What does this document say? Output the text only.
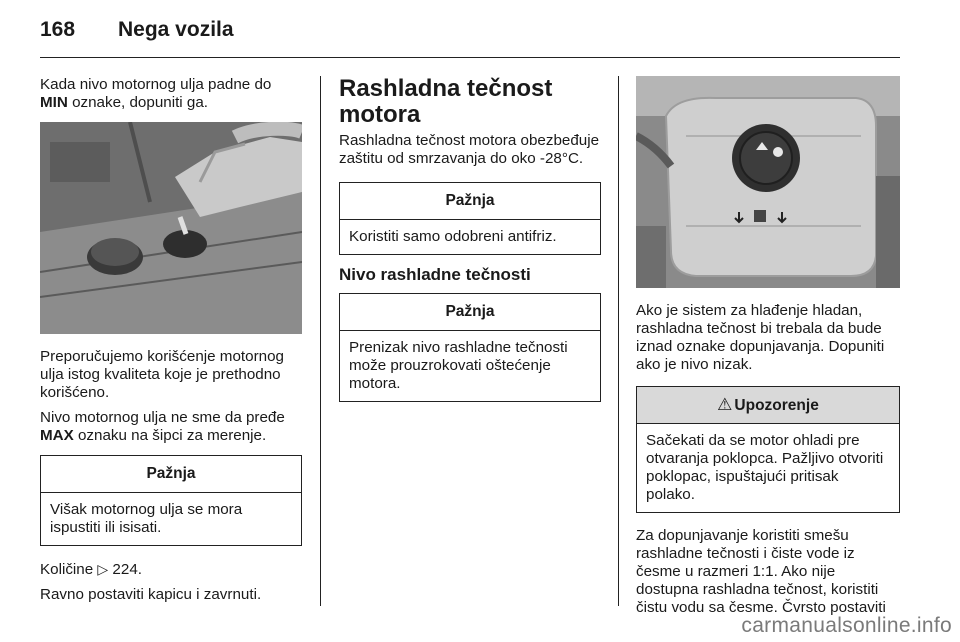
168 Nega vozila

Kada nivo motornog ulja padne do MIN oznake, dopuniti ga.

Preporučujemo korišćenje motornog ulja istog kvaliteta koje je prethodno korišćeno.

Nivo motornog ulja ne sme da pređe MAX oznaku na šipci za merenje.

Pažnja
Višak motornog ulja se mora ispustiti ili isisati.

Količine ▷ 224.

Ravno postaviti kapicu i zavrnuti.

Rashladna tečnost motora

Rashladna tečnost motora obezbeđuje zaštitu od smrzavanja do oko -28°C.

Pažnja
Koristiti samo odobreni antifriz.
Nivo rashladne tečnosti
Pažnja
Prenizak nivo rashladne tečnosti može prouzrokovati oštećenje motora.

Ako je sistem za hlađenje hladan, rashladna tečnost bi trebala da bude iznad oznake dopunjavanja. Dopuniti ako je nivo nizak.

⚠ Upozorenje
Sačekati da se motor ohladi pre otvaranja poklopca. Pažljivo otvoriti poklopac, ispuštajući pritisak polako.

Za dopunjavanje koristiti smešu rashladne tečnosti i čiste vode iz česme u razmeri 1:1. Ako nije dostupna rashladna tečnost, koristiti čistu vodu sa česme. Čvrsto postaviti

carmanualsonline.info
